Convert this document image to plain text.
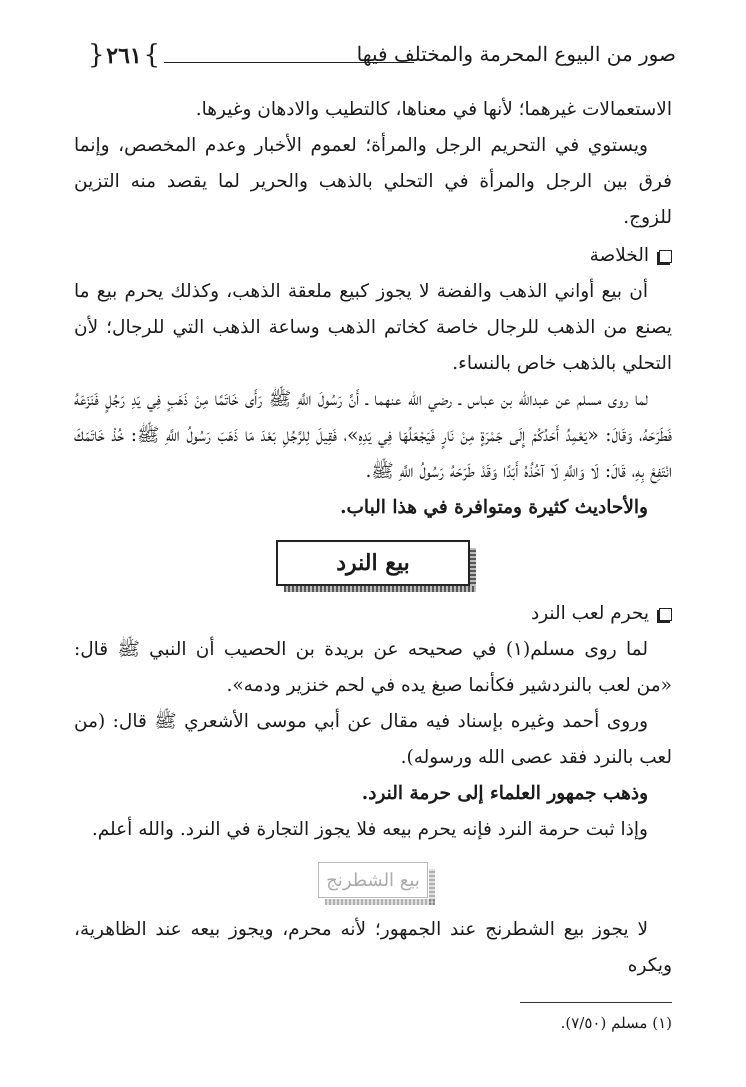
{ ٢٦١ }	صور من البيوع المحرمة والمختلف فيها

الاستعمالات غيرهما؛ لأنها في معناها، كالتطيب والادهان وغيرها.

ويستوي في التحريم الرجل والمرأة؛ لعموم الأخبار وعدم المخصص، وإنما فرق بين الرجل والمرأة في التحلي بالذهب والحرير لما يقصد منه التزين للزوج.

الخلاصة

أن بيع أواني الذهب والفضة لا يجوز كبيع ملعقة الذهب، وكذلك يحرم بيع ما يصنع من الذهب للرجال خاصة كخاتم الذهب وساعة الذهب التي للرجال؛ لأن التحلي بالذهب خاص بالنساء.

لما روى مسلم عن عبدالله بن عباس ـ رضي الله عنهما ـ أَنَّ رَسُولَ اللَّهِ ﷺ رَأَى خَاتَمًا مِنْ ذَهَبٍ فِي يَدِ رَجُلٍ فَنَزَعَهُ فَطَرَحَهُ، وَقَالَ: «يَعْمِدُ أَحَدُكُمْ إِلَى جَمْرَةٍ مِنْ نَارٍ فَيَجْعَلُهَا فِي يَدِهِ»، فَقِيلَ لِلرَّجُلِ بَعْدَ مَا ذَهَبَ رَسُولُ اللَّهِ ﷺ: خُذْ خَاتَمَكَ انْتَفِعْ بِهِ، قَالَ: لَا وَاللَّهِ لَا آخُذُهُ أَبَدًا وَقَدْ طَرَحَهُ رَسُولُ اللَّهِ ﷺ.

والأحاديث كثيرة ومتوافرة في هذا الباب.

بيع النرد
يحرم لعب النرد

لما روى مسلم(١) في صحيحه عن بريدة بن الحصيب أن النبي ﷺ قال: «من لعب بالنردشير فكأنما صبغ يده في لحم خنزير ودمه».

وروى أحمد وغيره بإسناد فيه مقال عن أبي موسى الأشعري ﷺ قال: (من لعب بالنرد فقد عصى الله ورسوله).

وذهب جمهور العلماء إلى حرمة النرد.

وإذا ثبت حرمة النرد فإنه يحرم بيعه فلا يجوز التجارة في النرد. والله أعلم.

بيع الشطرنج

لا يجوز بيع الشطرنج عند الجمهور؛ لأنه محرم، ويجوز بيعه عند الظاهرية، ويكره

(١) مسلم (٧/٥٠).
